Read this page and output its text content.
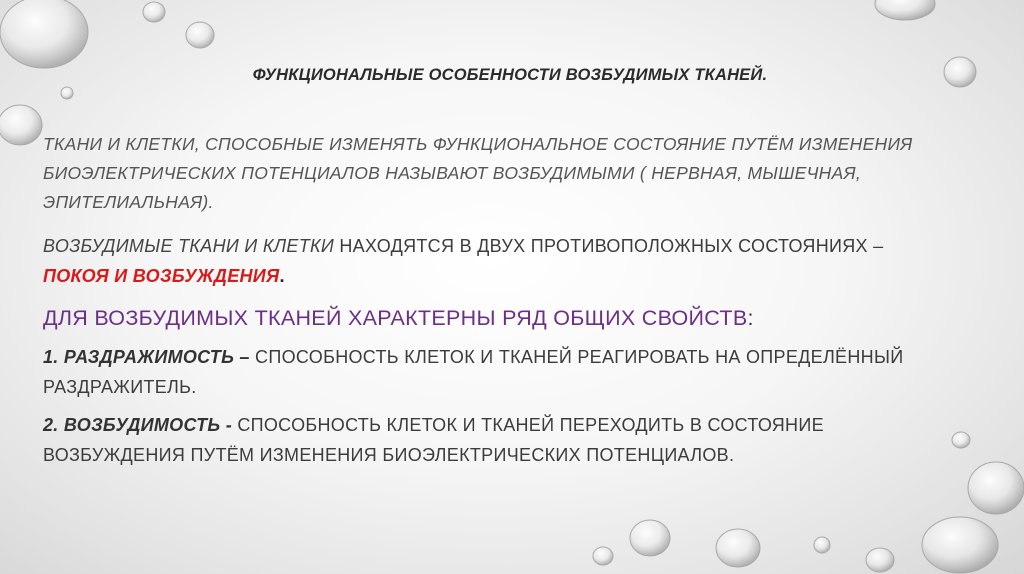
ФУНКЦИОНАЛЬНЫЕ ОСОБЕННОСТИ ВОЗБУДИМЫХ ТКАНЕЙ.
ТКАНИ И КЛЕТКИ, СПОСОБНЫЕ ИЗМЕНЯТЬ ФУНКЦИОНАЛЬНОЕ СОСТОЯНИЕ ПУТЁМ ИЗМЕНЕНИЯ БИОЭЛЕКТРИЧЕСКИХ ПОТЕНЦИАЛОВ НАЗЫВАЮТ ВОЗБУДИМЫМИ ( НЕРВНАЯ, МЫШЕЧНАЯ, ЭПИТЕЛИАЛЬНАЯ).
ВОЗБУДИМЫЕ ТКАНИ И КЛЕТКИ НАХОДЯТСЯ В ДВУХ ПРОТИВОПОЛОЖНЫХ СОСТОЯНИЯХ – ПОКОЯ И ВОЗБУЖДЕНИЯ.
ДЛЯ ВОЗБУДИМЫХ ТКАНЕЙ ХАРАКТЕРНЫ РЯД ОБЩИХ СВОЙСТВ:
1. РАЗДРАЖИМОСТЬ – СПОСОБНОСТЬ КЛЕТОК И ТКАНЕЙ РЕАГИРОВАТЬ НА ОПРЕДЕЛЁННЫЙ РАЗДРАЖИТЕЛЬ.
2. ВОЗБУДИМОСТЬ - СПОСОБНОСТЬ КЛЕТОК И ТКАНЕЙ ПЕРЕХОДИТЬ В СОСТОЯНИЕ ВОЗБУЖДЕНИЯ ПУТЁМ ИЗМЕНЕНИЯ БИОЭЛЕКТРИЧЕСКИХ ПОТЕНЦИАЛОВ.
